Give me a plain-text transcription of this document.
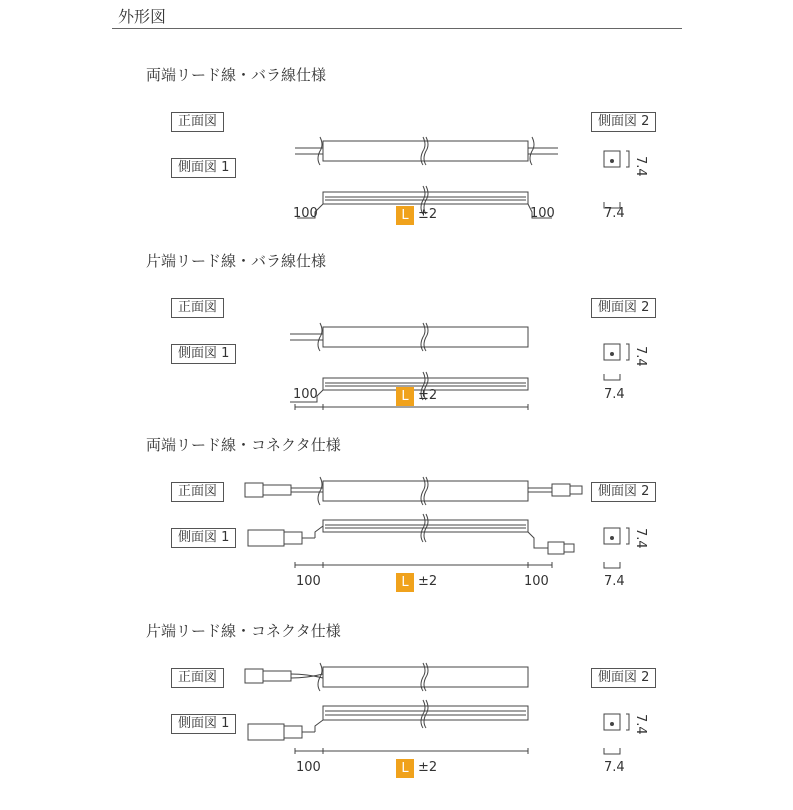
外形図
両端リード線・バラ線仕様
正面図
側面図 1
側面図 2
100	L ±2	100
7.4
7.4
片端リード線・バラ線仕様
正面図
側面図 1
側面図 2
100	L ±2
7.4
7.4
両端リード線・コネクタ仕様
正面図
側面図 1
側面図 2
100	L ±2	100
7.4
7.4
片端リード線・コネクタ仕様
正面図
側面図 1
側面図 2
100	L ±2
7.4
7.4
